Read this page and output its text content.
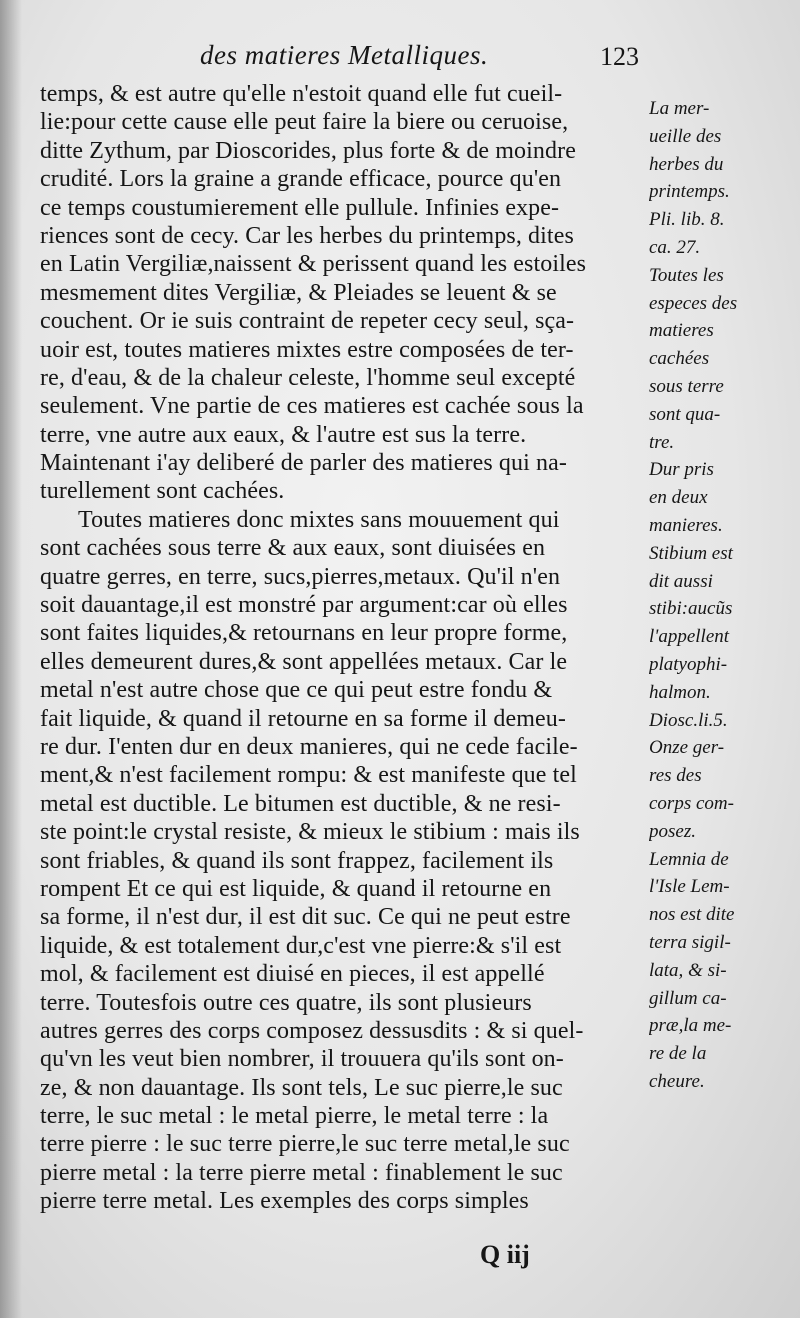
des matieres Metalliques.	123
temps, & est autre qu'elle n'estoit quand elle fut cueil-
lie:pour cette cause elle peut faire la biere ou ceruoise,
ditte Zythum, par Dioscorides, plus forte & de moindre
crudité. Lors la graine a grande efficace, pource qu'en
ce temps coustumierement elle pullule. Infinies expe-
riences sont de cecy. Car les herbes du printemps, dites
en Latin Vergiliæ,naissent & perissent quand les estoiles
mesmement dites Vergiliæ, & Pleiades se leuent & se
couchent. Or ie suis contraint de repeter cecy seul, sça-
uoir est, toutes matieres mixtes estre composées de ter-
re, d'eau, & de la chaleur celeste, l'homme seul excepté
seulement. Vne partie de ces matieres est cachée sous la
terre, vne autre aux eaux, & l'autre est sus la terre.
Maintenant i'ay deliberé de parler des matieres qui na-
turellement sont cachées.
Toutes matieres donc mixtes sans mouuement qui
sont cachées sous terre & aux eaux, sont diuisées en
quatre gerres, en terre, sucs,pierres,metaux. Qu'il n'en
soit dauantage,il est monstré par argument:car où elles
sont faites liquides,& retournans en leur propre forme,
elles demeurent dures,& sont appellées metaux. Car le
metal n'est autre chose que ce qui peut estre fondu &
fait liquide, & quand il retourne en sa forme il demeu-
re dur. I'enten dur en deux manieres, qui ne cede facile-
ment,& n'est facilement rompu: & est manifeste que tel
metal est ductible. Le bitumen est ductible, & ne resi-
ste point:le crystal resiste, & mieux le stibium : mais ils
sont friables, & quand ils sont frappez, facilement ils
rompent Et ce qui est liquide, & quand il retourne en
sa forme, il n'est dur, il est dit suc. Ce qui ne peut estre
liquide, & est totalement dur,c'est vne pierre:& s'il est
mol, & facilement est diuisé en pieces, il est appellé
terre. Toutesfois outre ces quatre, ils sont plusieurs
autres gerres des corps composez dessusdits : & si quel-
qu'vn les veut bien nombrer, il trouuera qu'ils sont on-
ze, & non dauantage. Ils sont tels, Le suc pierre,le suc
terre, le suc metal : le metal pierre, le metal terre : la
terre pierre : le suc terre pierre,le suc terre metal,le suc
pierre metal : la terre pierre metal : finablement le suc
pierre terre metal. Les exemples des corps simples
La mer-
ueille des
herbes du
printemps.
Pli. lib. 8.
ca. 27.
Toutes les
especes des
matieres
cachées
sous terre
sont qua-
tre.
Dur pris
en deux
manieres.
Stibium est
dit aussi
stibi:aucũs
l'appellent
platyophi-
halmon.
Diosc.li.5.
Onze ger-
res des
corps com-
posez.
Lemnia de
l'Isle Lem-
nos est dite
terra sigil-
lata, & si-
gillum ca-
præ,la me-
re de la
cheure.
Q iij
